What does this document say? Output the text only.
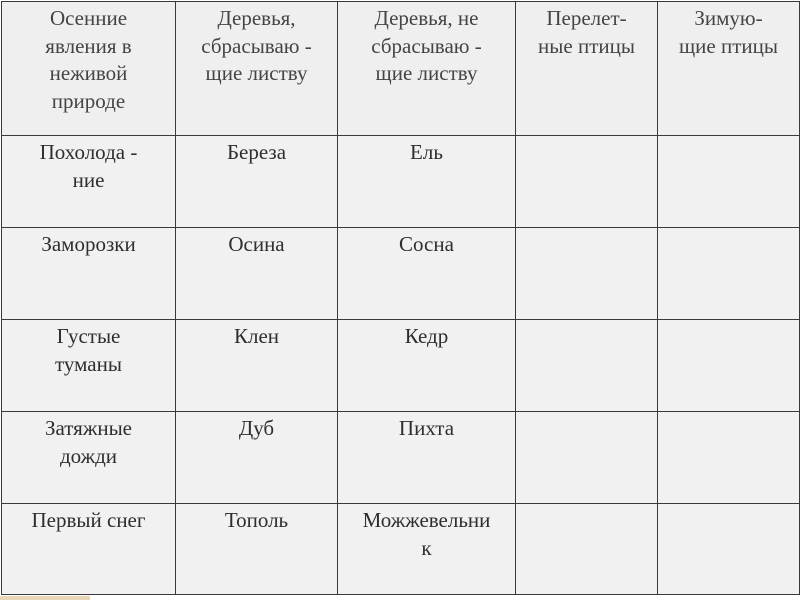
Осенние
явления в
неживой
природе	Деревья,
сбрасываю -
щие листву	Деревья, не
сбрасываю -
щие листву	Перелет-
ные птицы	Зимую-
щие птицы

Похолода -
ние	Береза	Ель		

Заморозки	Осина	Сосна		

Густые
туманы	Клен	Кедр		

Затяжные
дожди	Дуб	Пихта		

Первый снег	Тополь	Можжевельни
к		
